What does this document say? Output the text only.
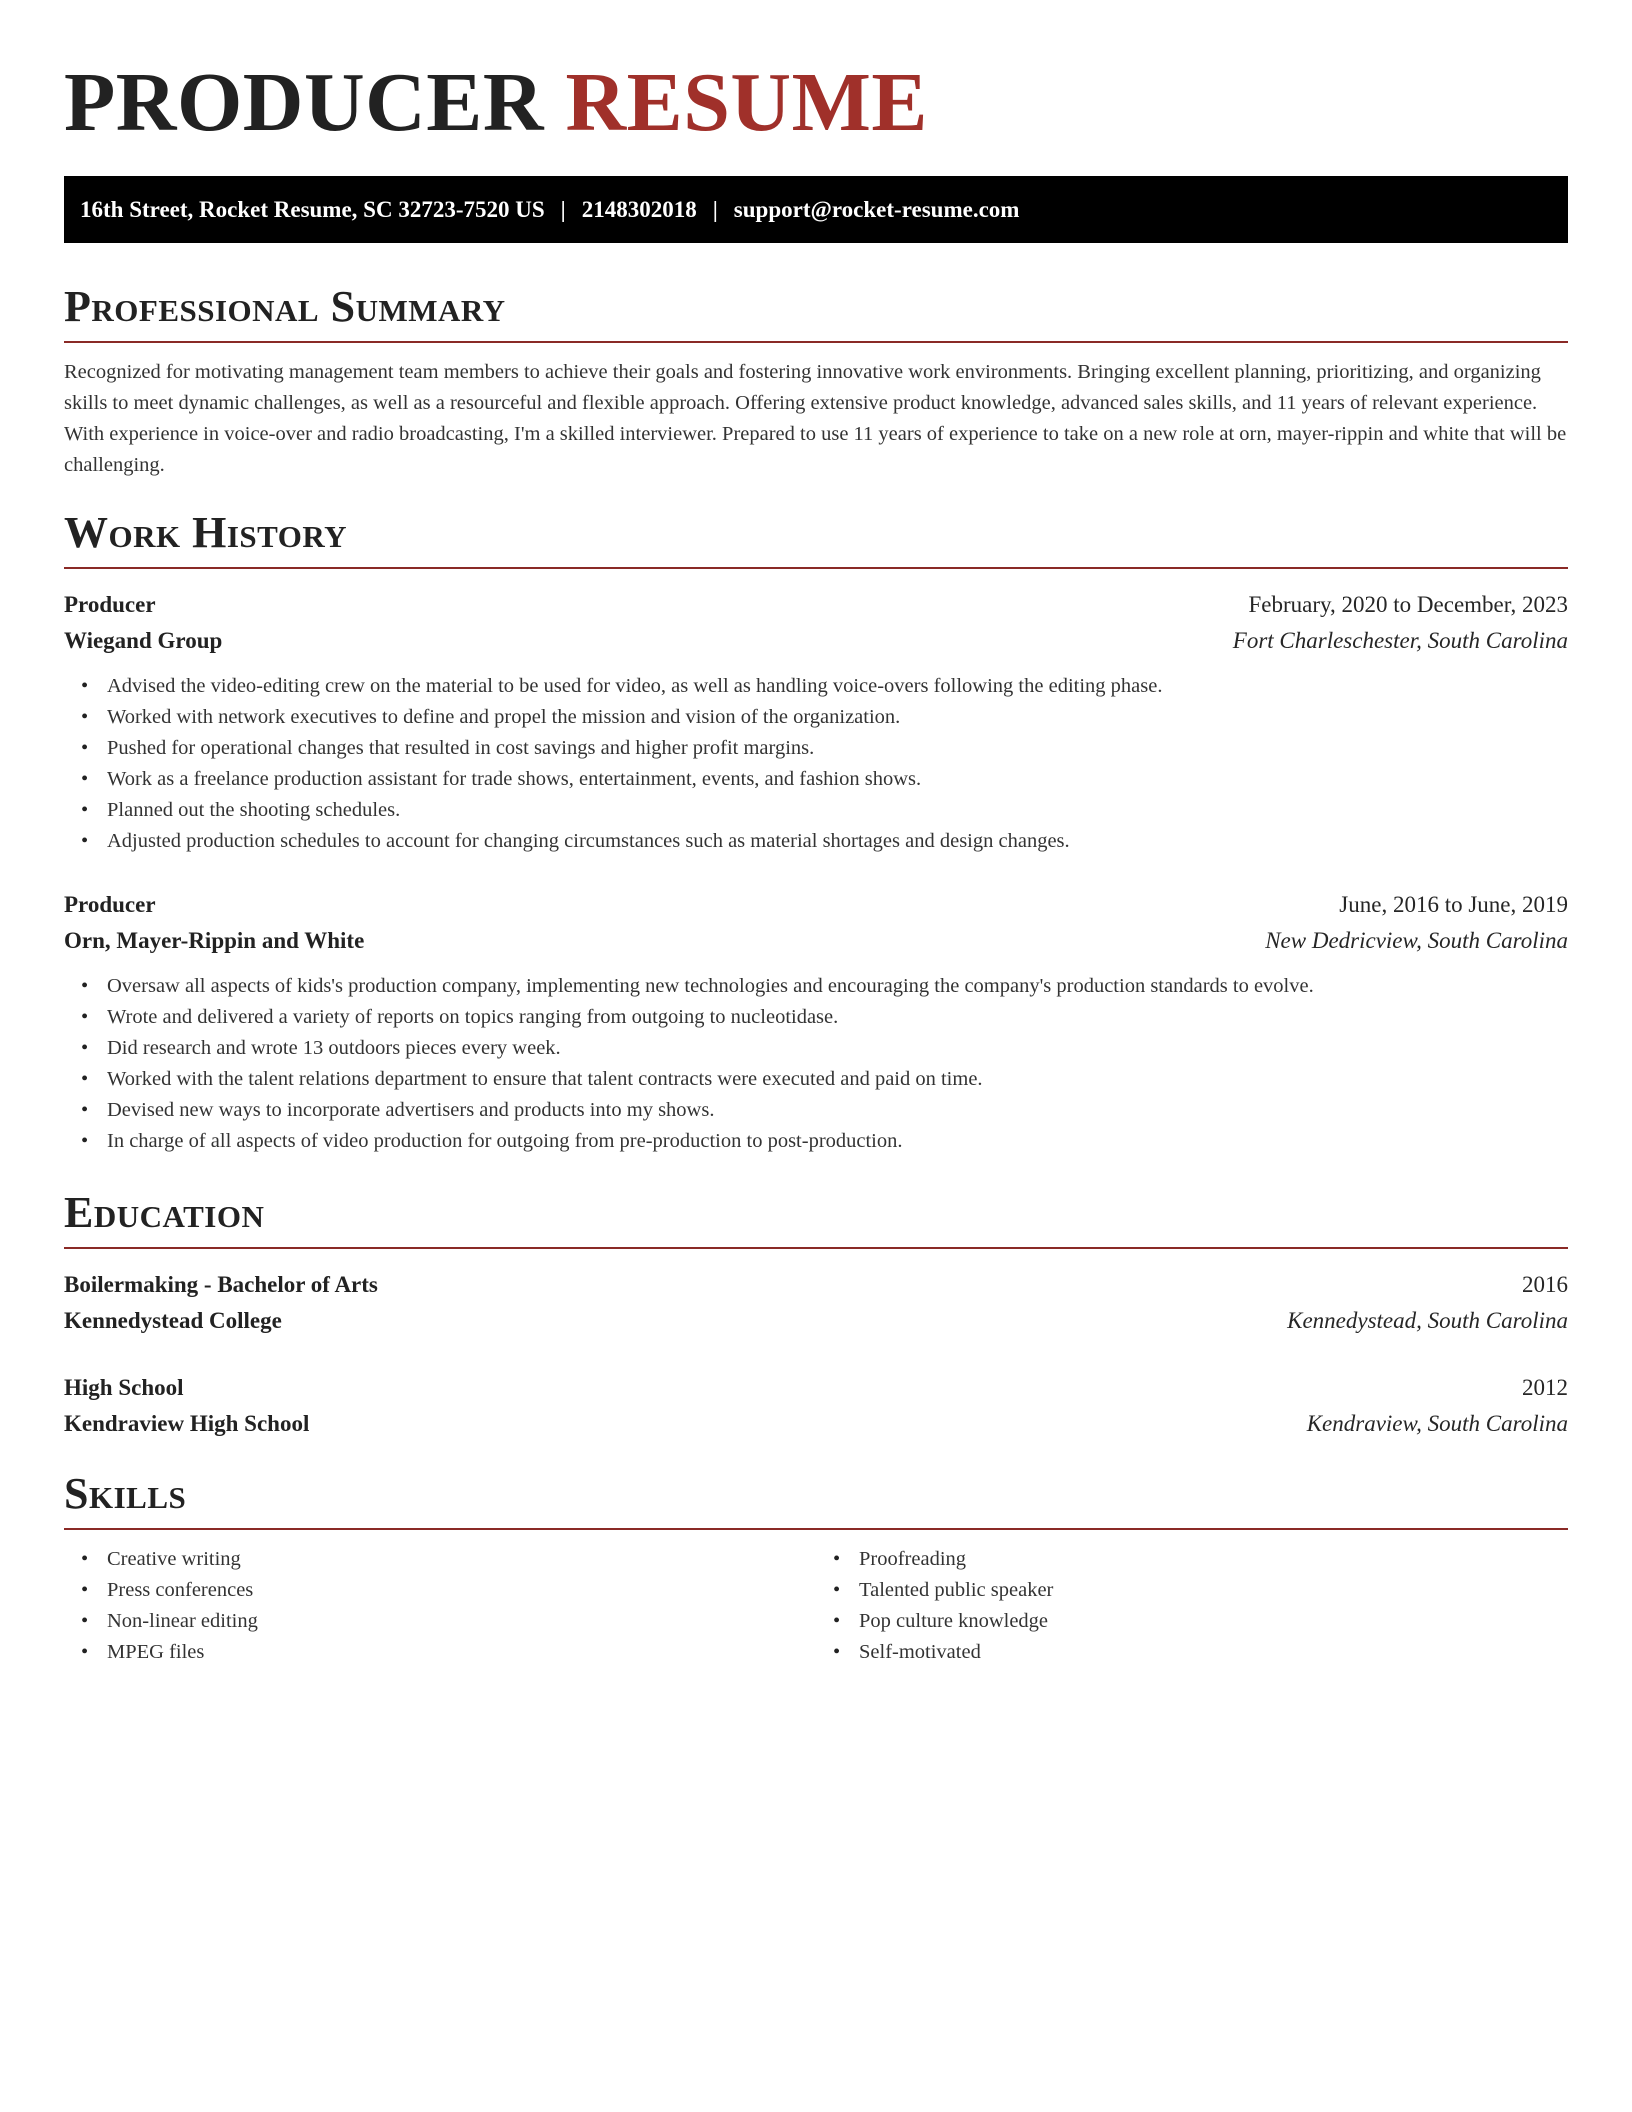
PRODUCER RESUME
16th Street, Rocket Resume, SC 32723-7520 US | 2148302018 | support@rocket-resume.com
Professional Summary

Recognized for motivating management team members to achieve their goals and fostering innovative work environments. Bringing excellent planning, prioritizing, and organizing skills to meet dynamic challenges, as well as a resourceful and flexible approach. Offering extensive product knowledge, advanced sales skills, and 11 years of relevant experience. With experience in voice-over and radio broadcasting, I'm a skilled interviewer. Prepared to use 11 years of experience to take on a new role at orn, mayer-rippin and white that will be challenging.

Work History
Producer	February, 2020 to December, 2023
Wiegand Group	Fort Charleschester, South Carolina
• Advised the video-editing crew on the material to be used for video, as well as handling voice-overs following the editing phase.
• Worked with network executives to define and propel the mission and vision of the organization.
• Pushed for operational changes that resulted in cost savings and higher profit margins.
• Work as a freelance production assistant for trade shows, entertainment, events, and fashion shows.
• Planned out the shooting schedules.
• Adjusted production schedules to account for changing circumstances such as material shortages and design changes.
Producer	June, 2016 to June, 2019
Orn, Mayer-Rippin and White	New Dedricview, South Carolina
• Oversaw all aspects of kids's production company, implementing new technologies and encouraging the company's production standards to evolve.
• Wrote and delivered a variety of reports on topics ranging from outgoing to nucleotidase.
• Did research and wrote 13 outdoors pieces every week.
• Worked with the talent relations department to ensure that talent contracts were executed and paid on time.
• Devised new ways to incorporate advertisers and products into my shows.
• In charge of all aspects of video production for outgoing from pre-production to post-production.
Education
Boilermaking - Bachelor of Arts	2016
Kennedystead College	Kennedystead, South Carolina
High School	2012
Kendraview High School	Kendraview, South Carolina
Skills
• Creative writing
• Press conferences
• Non-linear editing
• MPEG files
• Proofreading
• Talented public speaker
• Pop culture knowledge
• Self-motivated
